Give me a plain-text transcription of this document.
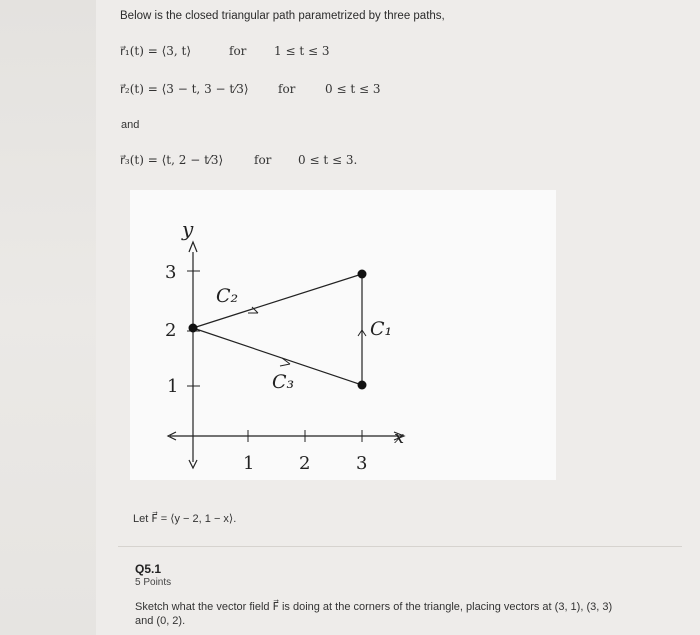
Below is the closed triangular path parametrized by three paths,
r⃗₁(t) = ⟨3, t⟩	for 1 ≤ t ≤ 3
r⃗₂(t) = ⟨3 − t, 3 − t⁄3⟩ for 0 ≤ t ≤ 3
and
r⃗₃(t) = ⟨t, 2 − t⁄3⟩	for 0 ≤ t ≤ 3.
y
x
3
2
1
1 2	3
C₂
C₁
C₃
Let F⃗ = ⟨y − 2, 1 − x⟩.
Q5.1
5 Points
Sketch what the vector field F⃗ is doing at the corners of the triangle, placing vectors at (3, 1), (3, 3) and (0, 2).
